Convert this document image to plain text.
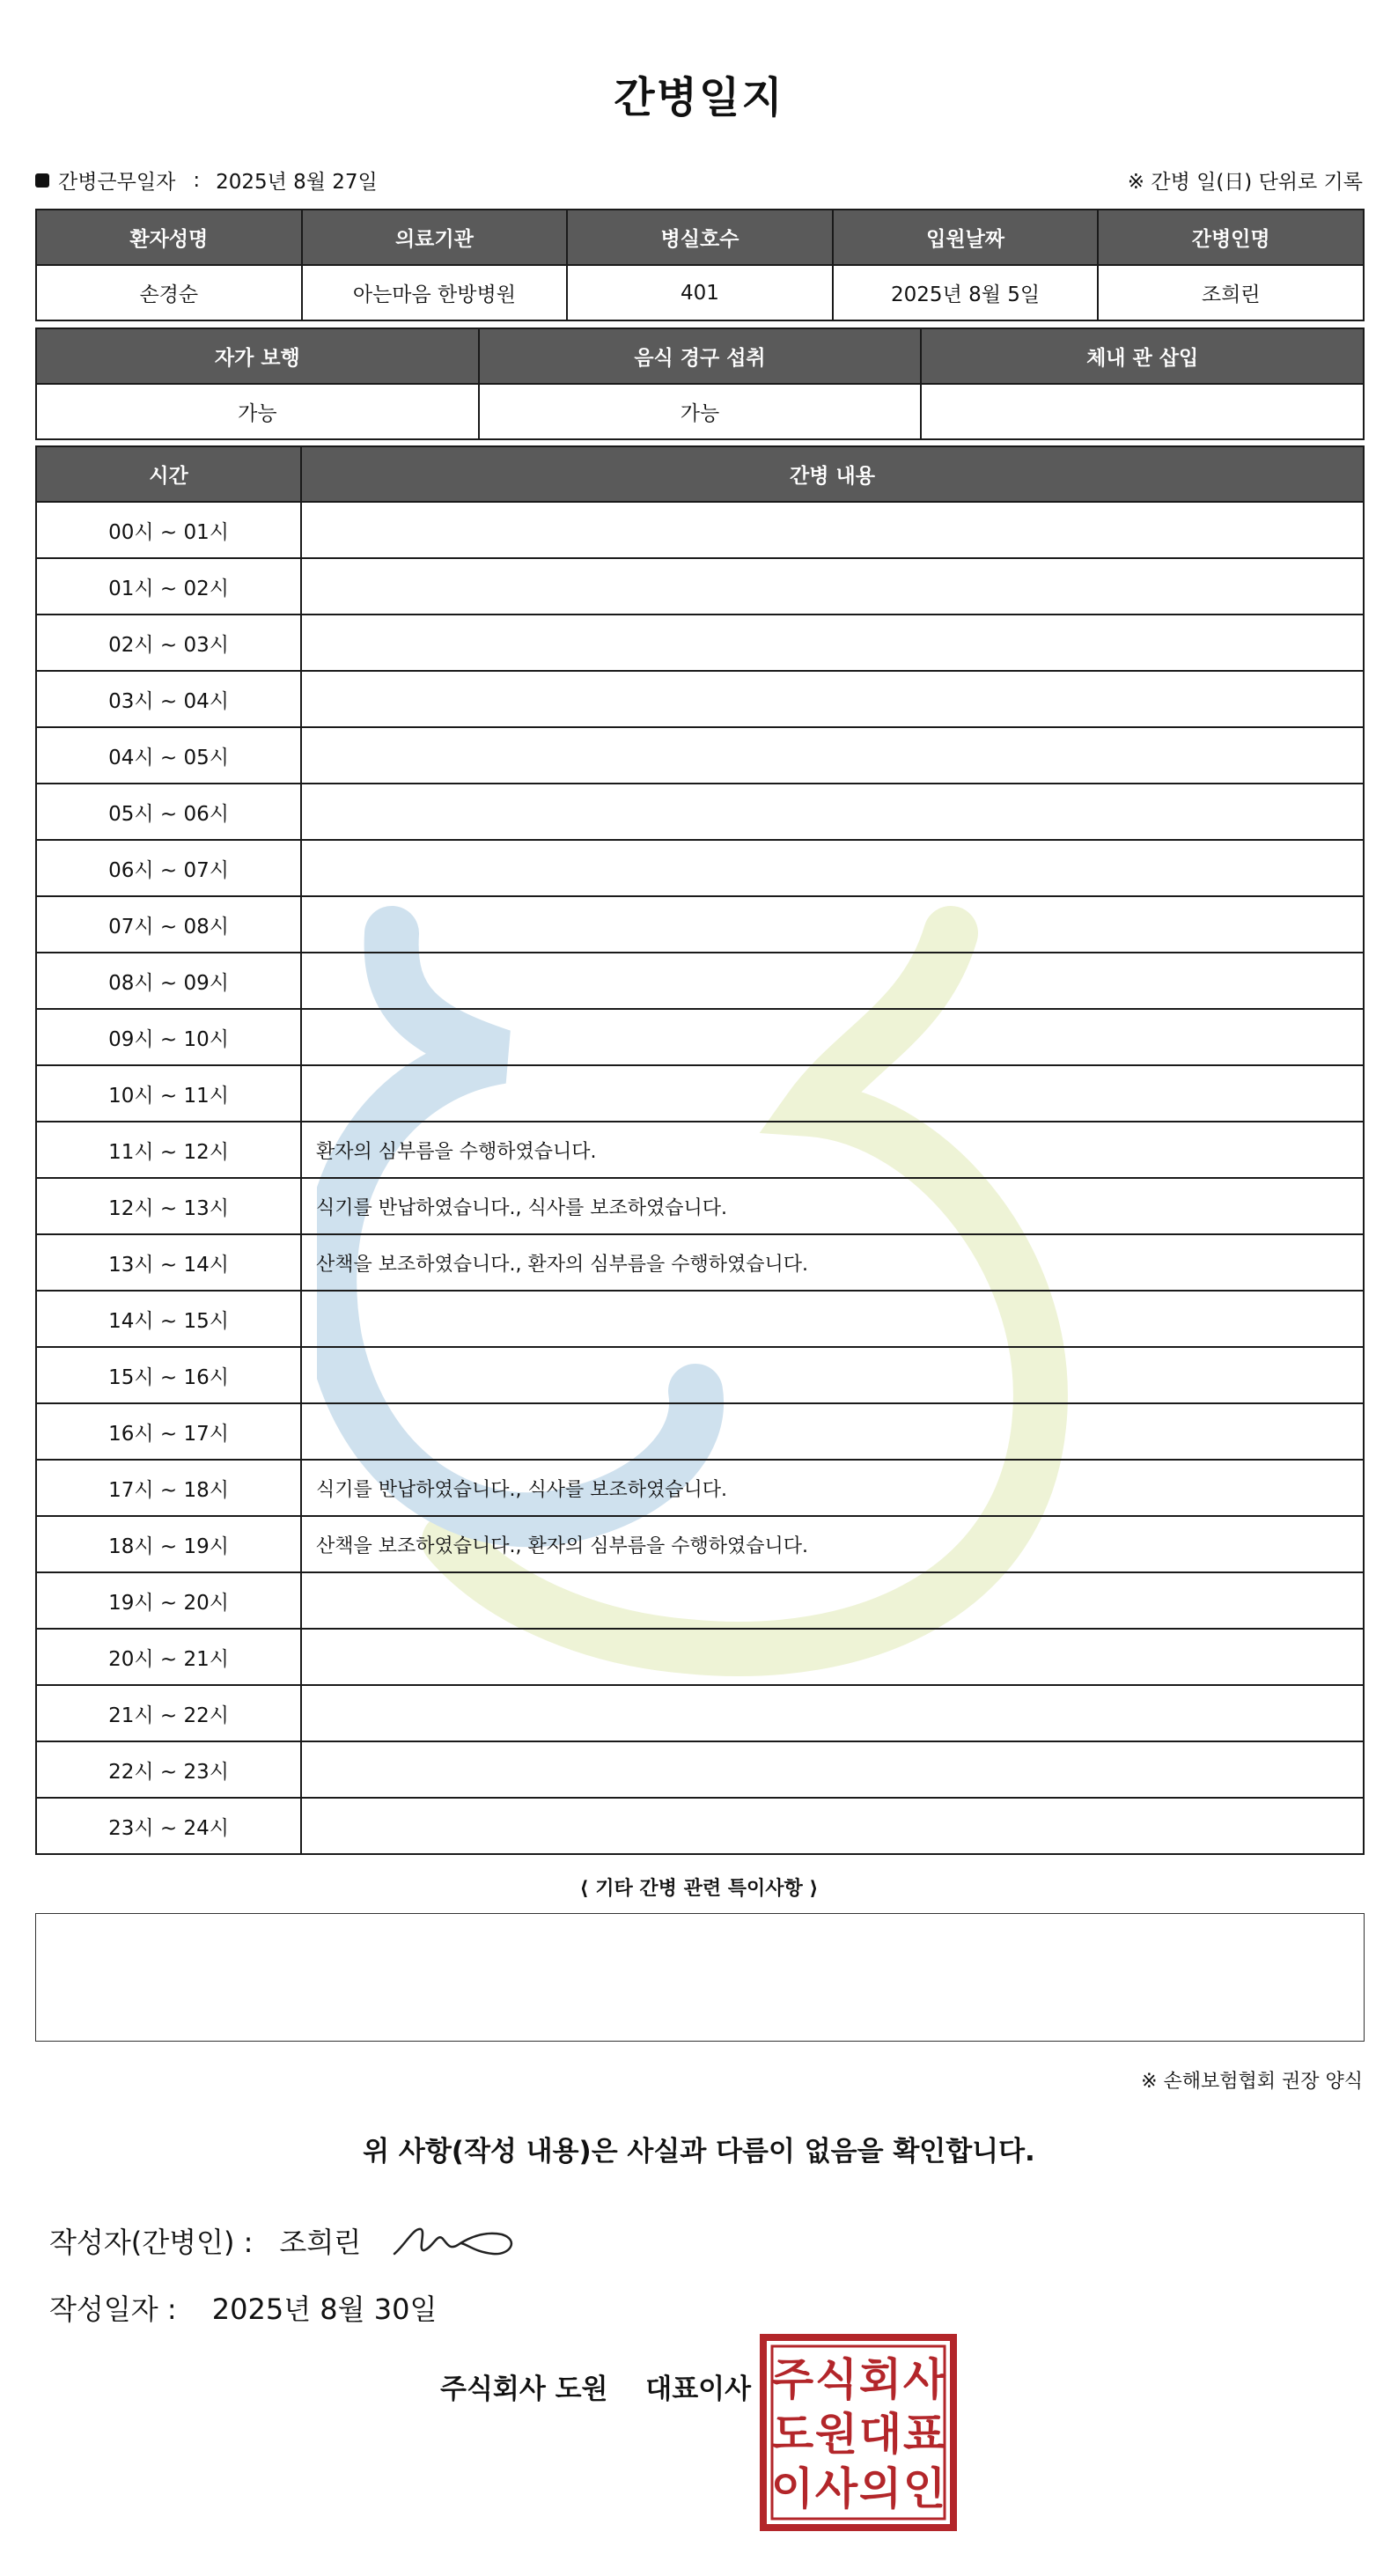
간병일지
간병근무일자 : 2025년 8월 27일	※ 간병 일(日) 단위로 기록
환자성명	의료기관	병실호수	입원날짜	간병인명
손경순	아는마음 한방병원	401	2025년 8월 5일	조희린
자가 보행	음식 경구 섭취	체내 관 삽입
가능	가능	
시간	간병 내용
00시 ~ 01시	
01시 ~ 02시	
02시 ~ 03시	
03시 ~ 04시	
04시 ~ 05시	
05시 ~ 06시	
06시 ~ 07시	
07시 ~ 08시	
08시 ~ 09시	
09시 ~ 10시	
10시 ~ 11시	
11시 ~ 12시	환자의 심부름을 수행하였습니다.
12시 ~ 13시	식기를 반납하였습니다., 식사를 보조하였습니다.
13시 ~ 14시	산책을 보조하였습니다., 환자의 심부름을 수행하였습니다.
14시 ~ 15시	
15시 ~ 16시	
16시 ~ 17시	
17시 ~ 18시	식기를 반납하였습니다., 식사를 보조하였습니다.
18시 ~ 19시	산책을 보조하였습니다., 환자의 심부름을 수행하였습니다.
19시 ~ 20시	
20시 ~ 21시	
21시 ~ 22시	
22시 ~ 23시	
23시 ~ 24시	
⟨ 기타 간병 관련 특이사항 ⟩
※ 손해보험협회 권장 양식
위 사항(작성 내용)은 사실과 다름이 없음을 확인합니다.
작성자(간병인) : 조희린
작성일자 : 2025년 8월 30일
주식회사 도원 대표이사 주 식 회 사
도 원 대 표
이 사 의 인
